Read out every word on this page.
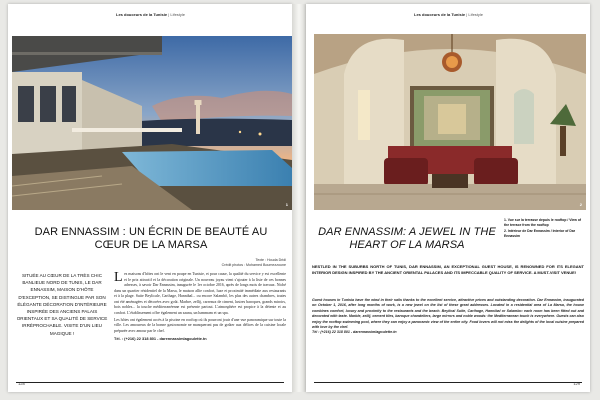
Les douceurs de la Tunisie | Lifestyle
1
DAR ENNASSIM : UN ÉCRIN DE BEAUTÉ AU
CŒUR DE LA MARSA
Texte : Houda Dridi
Crédit photos : Mohamed Boumezzoune
SITUÉE AU CŒUR DE LA TRÈS CHIC BANLIEUE NORD DE TUNIS, LE DAR ENNASSIM, MAISON D'HÔTE D'EXCEPTION, SE DISTINGUE PAR SON ÉLÉGANTE DÉCORATION D'INTÉRIEURE INSPIRÉE DES ANCIENS PALAIS ORIENTAUX ET SA QUALITÉ DE SERVICE IRRÉPROCHABLE. VISITE D'UN LIEU MAGIQUE !

Les maisons d'hôtes ont le vent en poupe en Tunisie, et pour cause, la qualité du service y est excellente et le prix attractif et la décoration originale. Un nouveau joyau vient s'ajouter à la liste de ces bonnes adresses, à savoir Dar Ennassim, inaugurée le 1er octobre 2016, après de longs mois de travaux. Niché dans un quartier résidentiel de la Marsa, le maison allie confort, luxe et proximité immédiate aux restaurants et à la plage. Suite Beylicale, Carthage, Hannibal... ou encore Salambô, les plus des autres chambres, toutes ont été aménagées et décorées avec goût. Marbre, zellij, carreaux de ciment, lustres baroques, grands miroirs, bois nobles... la touche méditerranéenne est présente partout. L'atmosphère est propice à la détente et au confort. L'établissement offre également un sauna, un hammam et un spa.

Les hôtes ont également accès à la piscine en rooftop où ils pourront jouir d'une vue panoramique sur toute la ville. Les amoureux de la bonne gastronomie ne manqueront pas de goûter aux délices de la cuisine locale préparée avec amour par le chef.

Tél. : (+216) 22 318 801 - darennassimlagoulette.tn

128
Les douceurs de la Tunisie | Lifestyle
2
DAR ENNASSIM: A JEWEL IN THE
HEART OF LA MARSA

1. Vue sur la terrasse depuis le rooftop / View of the terrace from the rooftop

2. Intérieur de Dar Ennassim / Interior of Dar Ennassim

NESTLED IN THE SUBURBS NORTH OF TUNIS, DAR ENNASSIM, AN EXCEPTIONAL GUEST HOUSE, IS RENOWNED FOR ITS ELEGANT INTERIOR DESIGN INSPIRED BY THE ANCIENT ORIENTAL PALACES AND ITS IMPECCABLE QUALITY OF SERVICE. A MUST-VISIT VENUE!

Guest houses in Tunisia have the wind in their sails thanks to the excellent service, attractive prices and outstanding decoration. Dar Ennassim, inaugurated on October 1, 2016, after long months of work, is a new jewel on the list of these great addresses. Located in a residential area of La Marsa, the house combines comfort, luxury and proximity to the restaurants and the beach. Beylical Suite, Carthage, Hannibal or Salambo: each room has been fitted out and decorated with taste. Marble, zellij, cement tiles, baroque chandeliers, large mirrors and noble woods: the Mediterranean touch is everywhere. Guests can also enjoy the rooftop swimming pool, where they can enjoy a panoramic view of the entire city. Food lovers will not miss the delights of the local cuisine prepared with love by the chef.

Tél : (+216) 22 318 801 - darennassimlagoulette.tn

129
